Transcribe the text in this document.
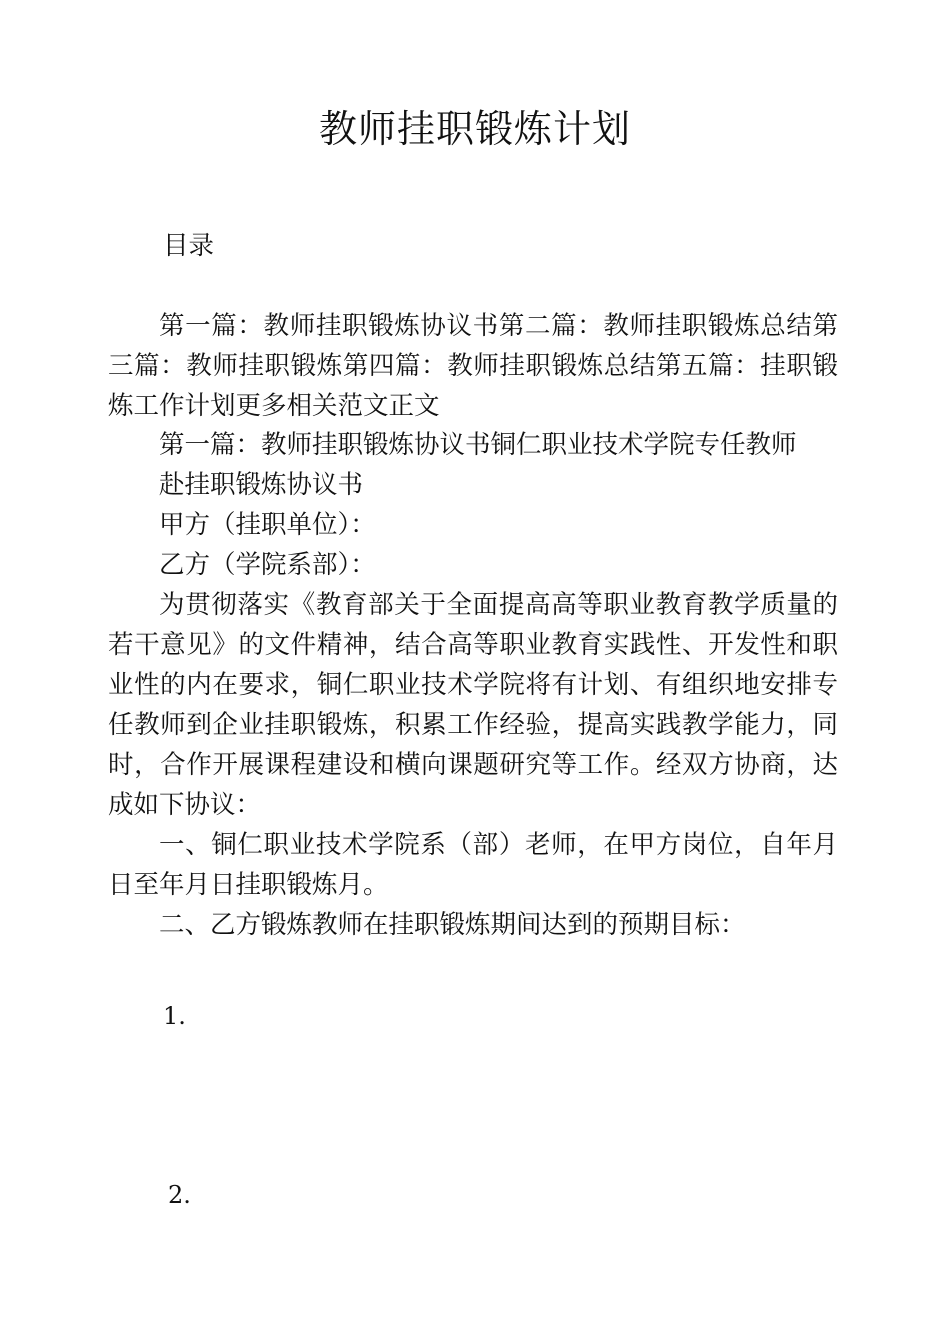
教师挂职锻炼计划
目录

第一篇：教师挂职锻炼协议书第二篇：教师挂职锻炼总结第三篇：教师挂职锻炼第四篇：教师挂职锻炼总结第五篇：挂职锻炼工作计划更多相关范文正文

第一篇：教师挂职锻炼协议书铜仁职业技术学院专任教师

赴挂职锻炼协议书

甲方（挂职单位）：

乙方（学院系部）：

为贯彻落实《教育部关于全面提高高等职业教育教学质量的若干意见》的文件精神，结合高等职业教育实践性、开发性和职业性的内在要求，铜仁职业技术学院将有计划、有组织地安排专任教师到企业挂职锻炼，积累工作经验，提高实践教学能力，同时，合作开展课程建设和横向课题研究等工作。经双方协商，达成如下协议：

一、铜仁职业技术学院系（部）老师，在甲方岗位，自年月日至年月日挂职锻炼月。

二、乙方锻炼教师在挂职锻炼期间达到的预期目标：

1.
2.
